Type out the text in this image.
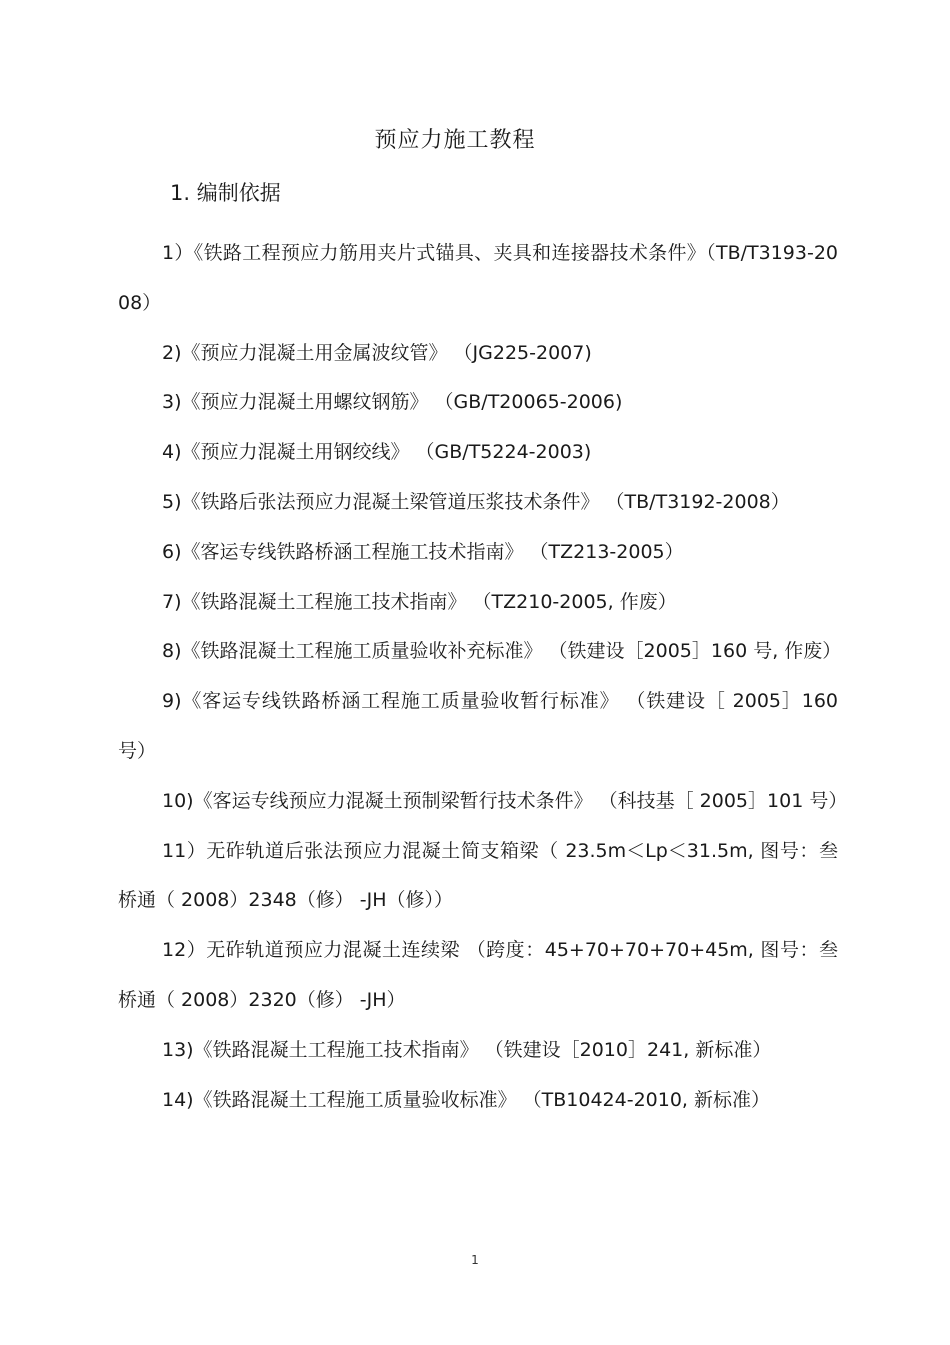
预应力施工教程
1. 编制依据
1）《铁路工程预应力筋用夹片式锚具、夹具和连接器技术条件》（TB/T3193-2008）
2)《预应力混凝土用金属波纹管》 （JG225-2007)
3)《预应力混凝土用螺纹钢筋》 （GB/T20065-2006)
4)《预应力混凝土用钢绞线》 （GB/T5224-2003)
5)《铁路后张法预应力混凝土梁管道压浆技术条件》 （TB/T3192-2008）
6)《客运专线铁路桥涵工程施工技术指南》 （TZ213-2005）
7)《铁路混凝土工程施工技术指南》 （TZ210-2005, 作废）
8)《铁路混凝土工程施工质量验收补充标准》 （铁建设［2005］160 号, 作废）
9)《客运专线铁路桥涵工程施工质量验收暂行标准》 （铁建设［ 2005］160 号）
10)《客运专线预应力混凝土预制梁暂行技术条件》 （科技基［ 2005］101 号）
11）无砟轨道后张法预应力混凝土简支箱梁（ 23.5m＜Lp＜31.5m, 图号：叁桥通（ 2008）2348（修） -JH（修））
12）无砟轨道预应力混凝土连续梁 （跨度：45+70+70+70+45m, 图号：叁桥通（ 2008）2320（修） -JH）
13)《铁路混凝土工程施工技术指南》 （铁建设［2010］241, 新标准）
14)《铁路混凝土工程施工质量验收标准》 （TB10424-2010, 新标准）
1
